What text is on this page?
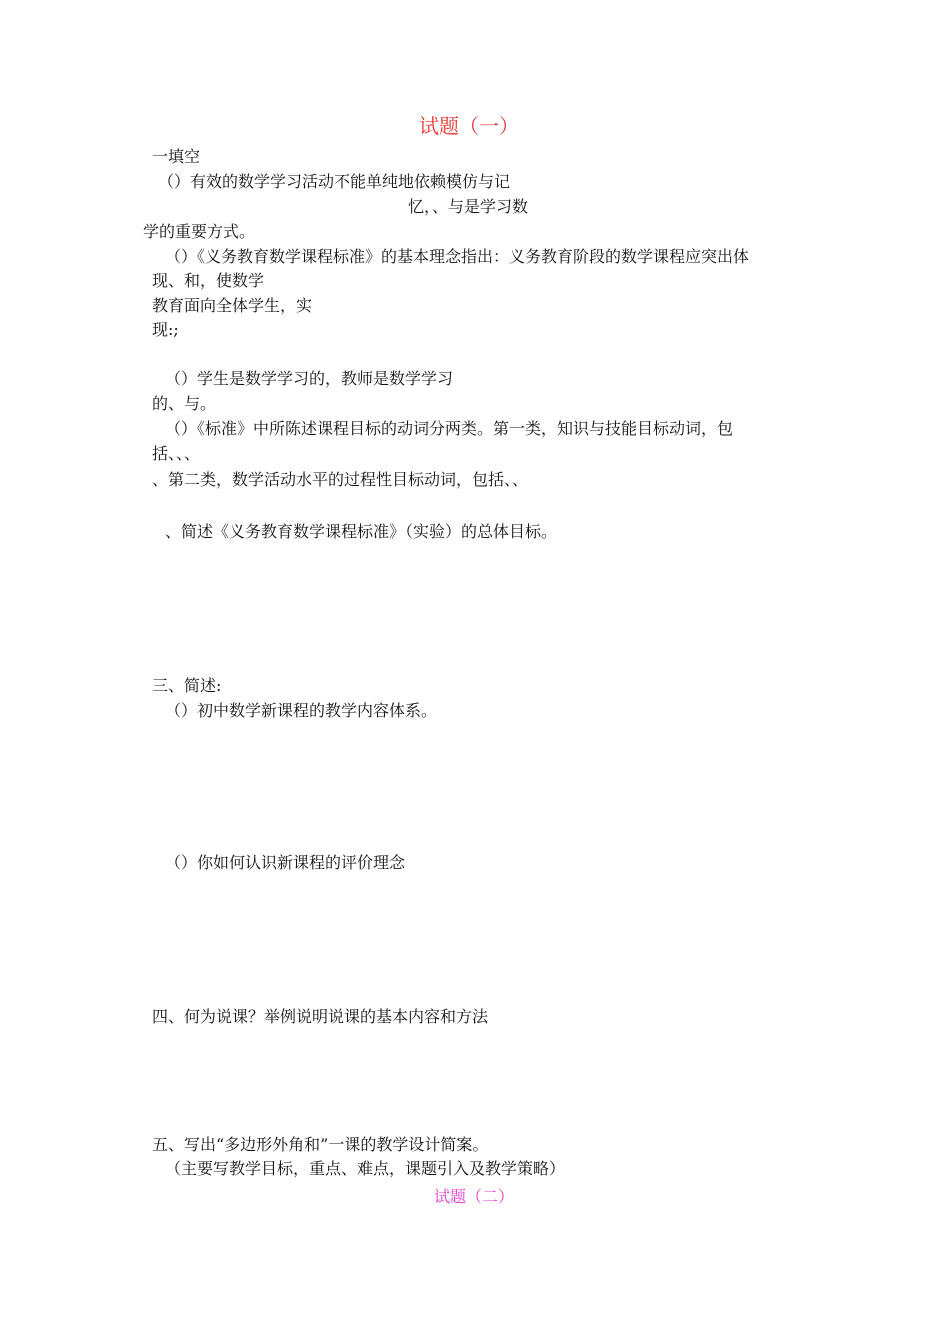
试题（一）
一填空
（）有效的数学学习活动不能单纯地依赖模仿与记
忆，、与是学习数
学的重要方式。
（）《义务教育数学课程标准》的基本理念指出：义务教育阶段的数学课程应突出体
现、和，使数学
教育面向全体学生，实
现:;
（）学生是数学学习的，教师是数学学习
的、与。
（）《标准》中所陈述课程目标的动词分两类。第一类，知识与技能目标动词，包
括、、、
、第二类，数学活动水平的过程性目标动词，包括、、
、简述《义务教育数学课程标准》（实验）的总体目标。
三、简述:
（）初中数学新课程的教学内容体系。
（）你如何认识新课程的评价理念
四、何为说课？举例说明说课的基本内容和方法
五、写出“多边形外角和”一课的教学设计简案。
（主要写教学目标，重点、难点，课题引入及教学策略）
试题（二）
